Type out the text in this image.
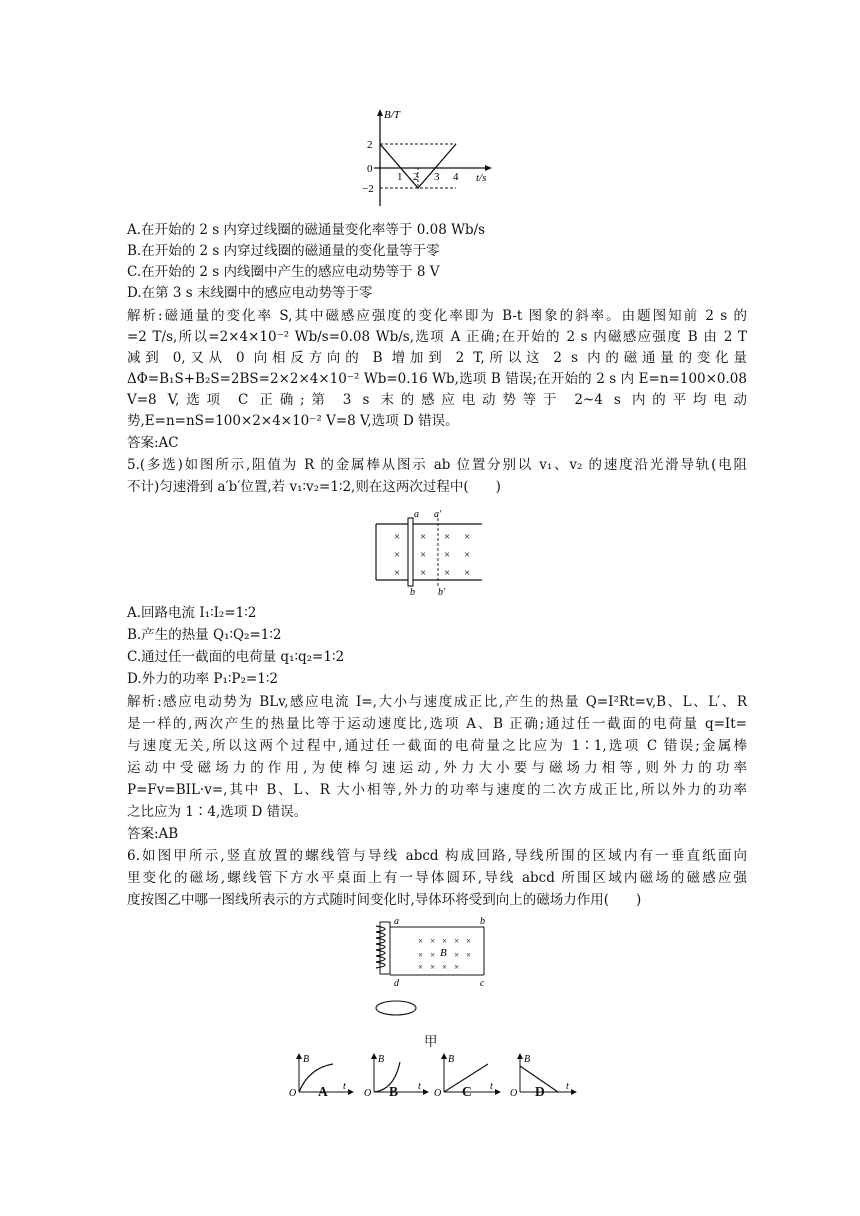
B/T
t/s
2
0
−2
1 2 3 4
A.在开始的 2 s 内穿过线圈的磁通量变化率等于 0.08 Wb/s
B.在开始的 2 s 内穿过线圈的磁通量的变化量等于零
C.在开始的 2 s 内线圈中产生的感应电动势等于 8 V
D.在第 3 s 末线圈中的感应电动势等于零
解析:磁通量的变化率 S,其中磁感应强度的变化率即为 B-t 图象的斜率。由题图知前 2 s 的
=2 T/s,所以=2×4×10⁻² Wb/s=0.08 Wb/s,选项 A 正确;在开始的 2 s 内磁感应强度 B 由 2 T
减到 0,又从 0 向相反方向的 B 增加到 2 T,所以这 2 s 内的磁通量的变化量
ΔΦ=B₁S+B₂S=2BS=2×2×4×10⁻² Wb=0.16 Wb,选项 B 错误;在开始的 2 s 内 E=n=100×0.08
V=8 V,选项 C 正确;第 3 s 末的感应电动势等于 2~4 s 内的平均电动
势,E=n=nS=100×2×4×10⁻² V=8 V,选项 D 错误。
答案:AC
5.(多选)如图所示,阻值为 R 的金属棒从图示 ab 位置分别以 v₁、v₂ 的速度沿光滑导轨(电阻
不计)匀速滑到 a′b′位置,若 v₁∶v₂=1∶2,则在这两次过程中(　　)
a a′
b b′
×
×
×
×
×
×
×
×
×
×
×
×
A.回路电流 I₁∶I₂=1∶2
B.产生的热量 Q₁∶Q₂=1∶2
C.通过任一截面的电荷量 q₁∶q₂=1∶2
D.外力的功率 P₁∶P₂=1∶2
解析:感应电动势为 BLv,感应电流 I=,大小与速度成正比,产生的热量 Q=I²Rt=v,B、L、L′、R
是一样的,两次产生的热量比等于运动速度比,选项 A、B 正确;通过任一截面的电荷量 q=It=
与速度无关,所以这两个过程中,通过任一截面的电荷量之比应为 1∶1,选项 C 错误;金属棒
运动中受磁场力的作用,为使棒匀速运动,外力大小要与磁场力相等,则外力的功率
P=Fv=BIL·v=,其中 B、L、R 大小相等,外力的功率与速度的二次方成正比,所以外力的功率
之比应为 1∶4,选项 D 错误。
答案:AB
6.如图甲所示,竖直放置的螺线管与导线 abcd 构成回路,导线所围的区域内有一垂直纸面向
里变化的磁场,螺线管下方水平桌面上有一导体圆环,导线 abcd 所围区域内磁场的磁感应强
度按图乙中哪一图线所表示的方式随时间变化时,导体环将受到向上的磁场力作用(　　)
a	b
c
d
B
× × × × ×
× × × ×
× × × ×
甲
B
t
O
B
t
O
B
t
O
B
t
O
A	B	C	D
